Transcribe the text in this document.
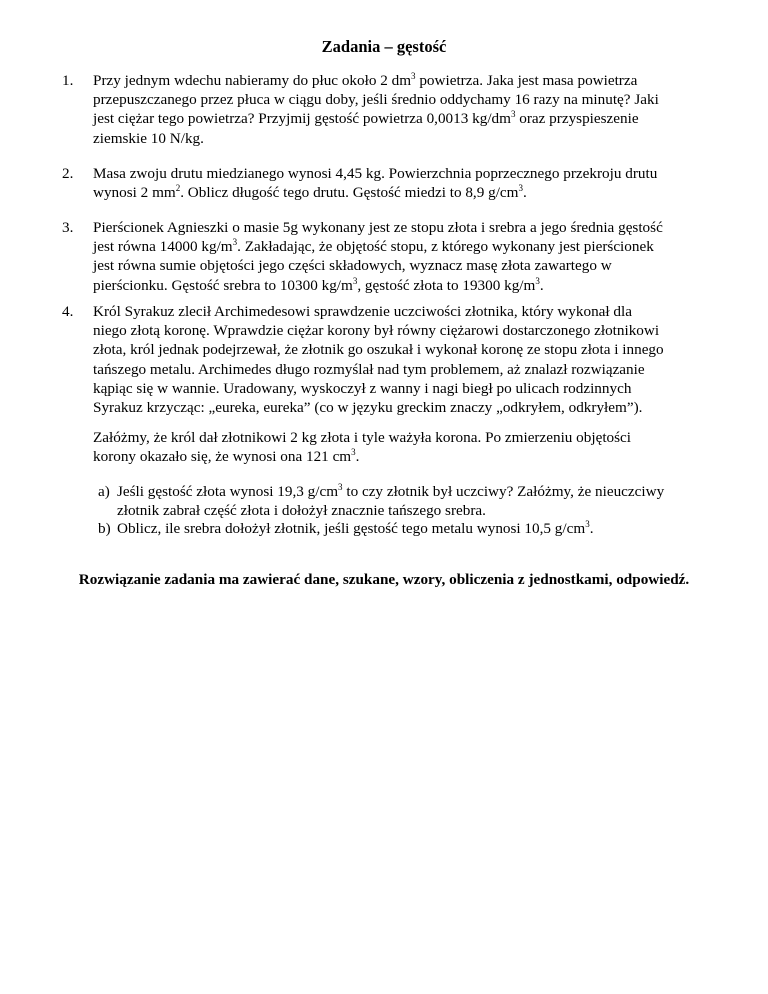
Zadania – gęstość
1.	Przy jednym wdechu nabieramy do płuc około 2 $dm^3$ powietrza. Jaka jest masa powietrza
przepuszczanego przez płuca w ciągu doby, jeśli średnio oddychamy 16 razy na minutę? Jaki
jest ciężar tego powietrza? Przyjmij gęstość powietrza 0,0013 $kg/dm^3$ oraz przyspieszenie
ziemskie 10 N/kg.
2.	Masa zwoju drutu miedzianego wynosi 4,45 kg. Powierzchnia poprzecznego przekroju drutu
wynosi 2 $mm^2$. Oblicz długość tego drutu. Gęstość miedzi to 8,9 $g/cm^3$.
3.	Pierścionek Agnieszki o masie 5g wykonany jest ze stopu złota i srebra a jego średnia gęstość
jest równa 14000 $kg/m^3$. Zakładając, że objętość stopu, z którego wykonany jest pierścionek
jest równa sumie objętości jego części składowych, wyznacz masę złota zawartego w
pierścionku. Gęstość srebra to 10300 $kg/m^3$, gęstość złota to 19300 $kg/m^3$.
4.	Król Syrakuz zlecił Archimedesowi sprawdzenie uczciwości złotnika, który wykonał dla
niego złotą koronę. Wprawdzie ciężar korony był równy ciężarowi dostarczonego złotnikowi
złota, król jednak podejrzewał, że złotnik go oszukał i wykonał koronę ze stopu złota i innego
tańszego metalu. Archimedes długo rozmyślał nad tym problemem, aż znalazł rozwiązanie
kąpiąc się w wannie. Uradowany, wyskoczył z wanny i nagi biegł po ulicach rodzinnych
Syrakuz krzycząc: „eureka, eureka” (co w języku greckim znaczy „odkryłem, odkryłem”).
Załóżmy, że król dał złotnikowi 2 kg złota i tyle ważyła korona. Po zmierzeniu objętości
korony okazało się, że wynosi ona 121 $cm^3$.
a) Jeśli gęstość złota wynosi 19,3 $g/cm^3$ to czy złotnik był uczciwy? Załóżmy, że nieuczciwy
złotnik zabrał część złota i dołożył znacznie tańszego srebra.
b) Oblicz, ile srebra dołożył złotnik, jeśli gęstość tego metalu wynosi 10,5 $g/cm^3$.
Rozwiązanie zadania ma zawierać dane, szukane, wzory, obliczenia z jednostkami, odpowiedź.
